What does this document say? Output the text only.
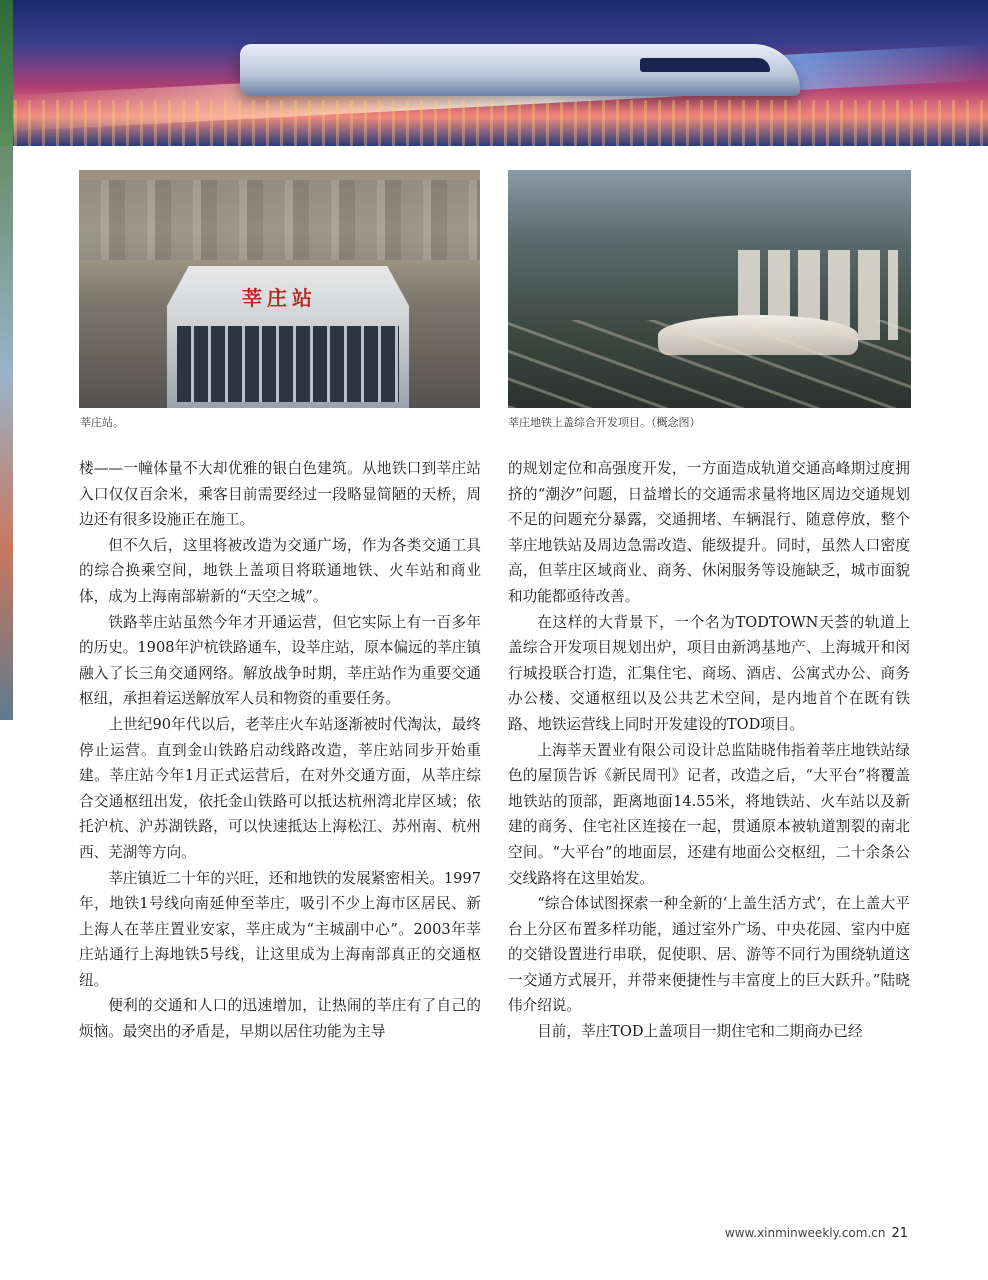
莘庄站
莘庄站。	莘庄地铁上盖综合开发项目。（概念图）

楼——一幢体量不大却优雅的银白色建筑。从地铁口到莘庄站入口仅仅百余米，乘客目前需要经过一段略显简陋的天桥，周边还有很多设施正在施工。

但不久后，这里将被改造为交通广场，作为各类交通工具的综合换乘空间，地铁上盖项目将联通地铁、火车站和商业体，成为上海南部崭新的“天空之城”。

铁路莘庄站虽然今年才开通运营，但它实际上有一百多年的历史。1908年沪杭铁路通车，设莘庄站，原本偏远的莘庄镇融入了长三角交通网络。解放战争时期，莘庄站作为重要交通枢纽，承担着运送解放军人员和物资的重要任务。

上世纪90年代以后，老莘庄火车站逐渐被时代淘汰，最终停止运营。直到金山铁路启动线路改造，莘庄站同步开始重建。莘庄站今年1月正式运营后，在对外交通方面，从莘庄综合交通枢纽出发，依托金山铁路可以抵达杭州湾北岸区域；依托沪杭、沪苏湖铁路，可以快速抵达上海松江、苏州南、杭州西、芜湖等方向。

莘庄镇近二十年的兴旺，还和地铁的发展紧密相关。1997年，地铁1号线向南延伸至莘庄，吸引不少上海市区居民、新上海人在莘庄置业安家，莘庄成为“主城副中心”。2003年莘庄站通行上海地铁5号线，让这里成为上海南部真正的交通枢纽。

便利的交通和人口的迅速增加，让热闹的莘庄有了自己的烦恼。最突出的矛盾是，早期以居住功能为主导

的规划定位和高强度开发，一方面造成轨道交通高峰期过度拥挤的“潮汐”问题，日益增长的交通需求量将地区周边交通规划不足的问题充分暴露，交通拥堵、车辆混行、随意停放，整个莘庄地铁站及周边急需改造、能级提升。同时，虽然人口密度高，但莘庄区域商业、商务、休闲服务等设施缺乏，城市面貌和功能都亟待改善。

在这样的大背景下，一个名为TODTOWN天荟的轨道上盖综合开发项目规划出炉，项目由新鸿基地产、上海城开和闵行城投联合打造，汇集住宅、商场、酒店、公寓式办公、商务办公楼、交通枢纽以及公共艺术空间，是内地首个在既有铁路、地铁运营线上同时开发建设的TOD项目。

上海莘天置业有限公司设计总监陆晓伟指着莘庄地铁站绿色的屋顶告诉《新民周刊》记者，改造之后，“大平台”将覆盖地铁站的顶部，距离地面14.55米，将地铁站、火车站以及新建的商务、住宅社区连接在一起，贯通原本被轨道割裂的南北空间。“大平台”的地面层，还建有地面公交枢纽，二十余条公交线路将在这里始发。

“综合体试图探索一种全新的‘上盖生活方式’，在上盖大平台上分区布置多样功能，通过室外广场、中央花园、室内中庭的交错设置进行串联，促使职、居、游等不同行为围绕轨道这一交通方式展开，并带来便捷性与丰富度上的巨大跃升。”陆晓伟介绍说。

目前，莘庄TOD上盖项目一期住宅和二期商办已经

www.xinminweekly.com.cn 21
